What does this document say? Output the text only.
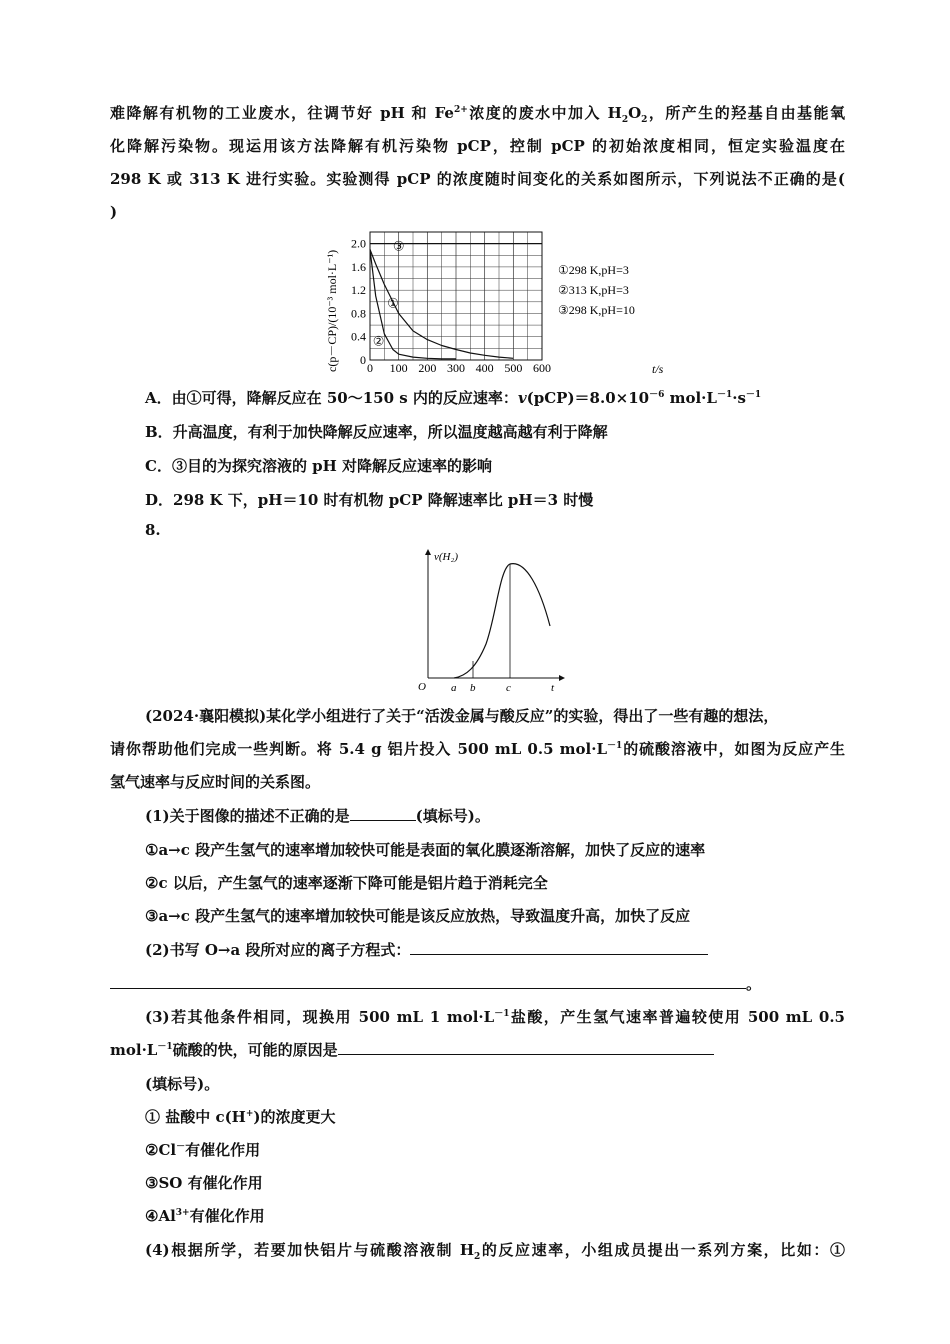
难降解有机物的工业废水，往调节好 pH 和 $Fe^{2+}$浓度的废水中加入 $H_2O_2$，所产生的羟基自由基能氧
化降解污染物。现运用该方法降解有机污染物 pCP，控制 pCP 的初始浓度相同，恒定实验温度在
298 K 或 313 K 进行实验。实验测得 pCP 的浓度随时间变化的关系如图所示，下列说法不正确的是(
)
0 100 200 300 400 500 600
0
0.4
0.8
1.2
1.6
2.0
①
②
③
c(p－CP)/(10⁻³ mol·L⁻¹)	t/s
①298 K,pH=3
②313 K,pH=3
③298 K,pH=10
A．由①可得，降解反应在 50～150 s 内的反应速率：$v(pCP)=8.0\times 10^{-6}$ $mol\cdot L^{-1}\cdot s^{-1}$
B．升高温度，有利于加快降解反应速率，所以温度越高越有利于降解
C．③目的为探究溶液的 pH 对降解反应速率的影响
D．298 K 下，pH＝10 时有机物 pCP 降解速率比 pH＝3 时慢
8.
v(H₂)
O a b	c	t
(2024·襄阳模拟)某化学小组进行了关于“活泼金属与酸反应”的实验，得出了一些有趣的想法，
请你帮助他们完成一些判断。将 5.4 g 铝片投入 500 mL 0.5 $mol\cdot L^{-1}$的硫酸溶液中，如图为反应产生
氢气速率与反应时间的关系图。
(1)关于图像的描述不正确的是	(填标号)。
①a→c 段产生氢气的速率增加较快可能是表面的氧化膜逐渐溶解，加快了反应的速率
②c 以后，产生氢气的速率逐渐下降可能是铝片趋于消耗完全
③a→c 段产生氢气的速率增加较快可能是该反应放热，导致温度升高，加快了反应
(2)书写 O→a 段所对应的离子方程式：
。
(3)若其他条件相同，现换用 500 mL 1 $mol\cdot L^{-1}$盐酸，产生氢气速率普遍较使用 500 mL 0.5
$mol\cdot L^{-1}$硫酸的快，可能的原因是
(填标号)。
① 盐酸中 c(H+)的浓度更大
②Cl－有催化作用
③SO 有催化作用
$④Al^{3+}$有催化作用
(4)根据所学，若要加快铝片与硫酸溶液制 $H_2$的反应速率，小组成员提出一系列方案，比如：①
